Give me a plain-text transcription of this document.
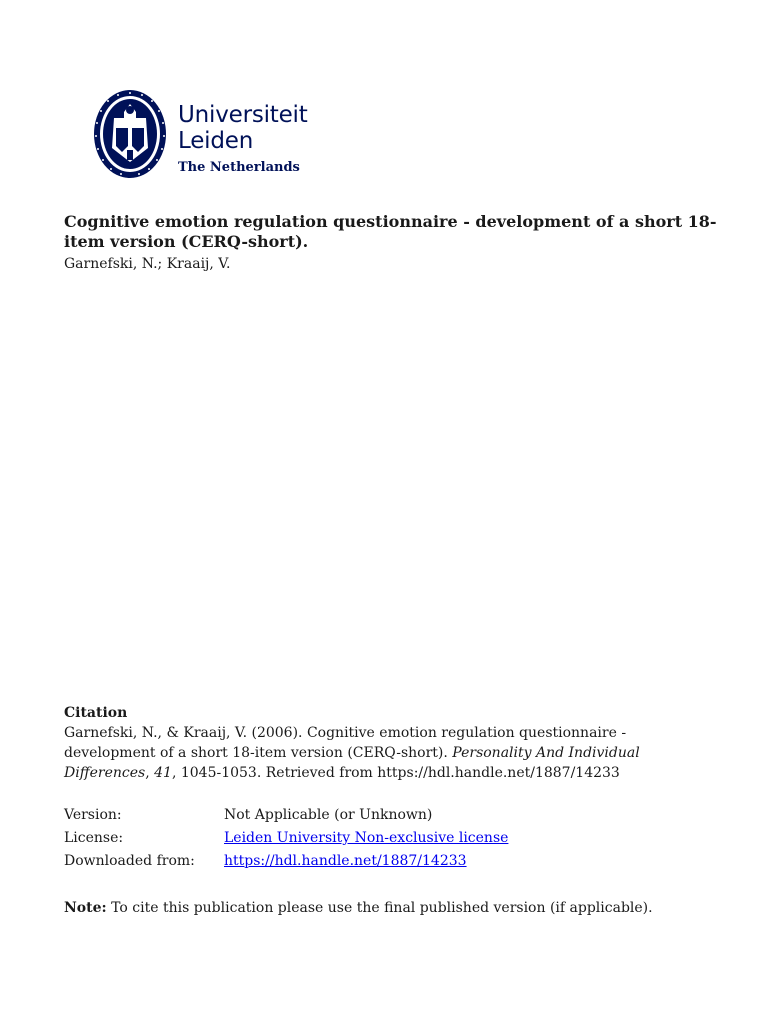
Universiteit
Leiden
The Netherlands
Cognitive emotion regulation questionnaire - development of a short 18-item version (CERQ-short).
Garnefski, N.; Kraaij, V.
Citation
Garnefski, N., & Kraaij, V. (2006). Cognitive emotion regulation questionnaire - development of a short 18-item version (CERQ-short). Personality And Individual Differences, 41, 1045-1053. Retrieved from https://hdl.handle.net/1887/14233
Version:	Not Applicable (or Unknown)
License:	Leiden University Non-exclusive license
Downloaded from:	https://hdl.handle.net/1887/14233
Note: To cite this publication please use the final published version (if applicable).
